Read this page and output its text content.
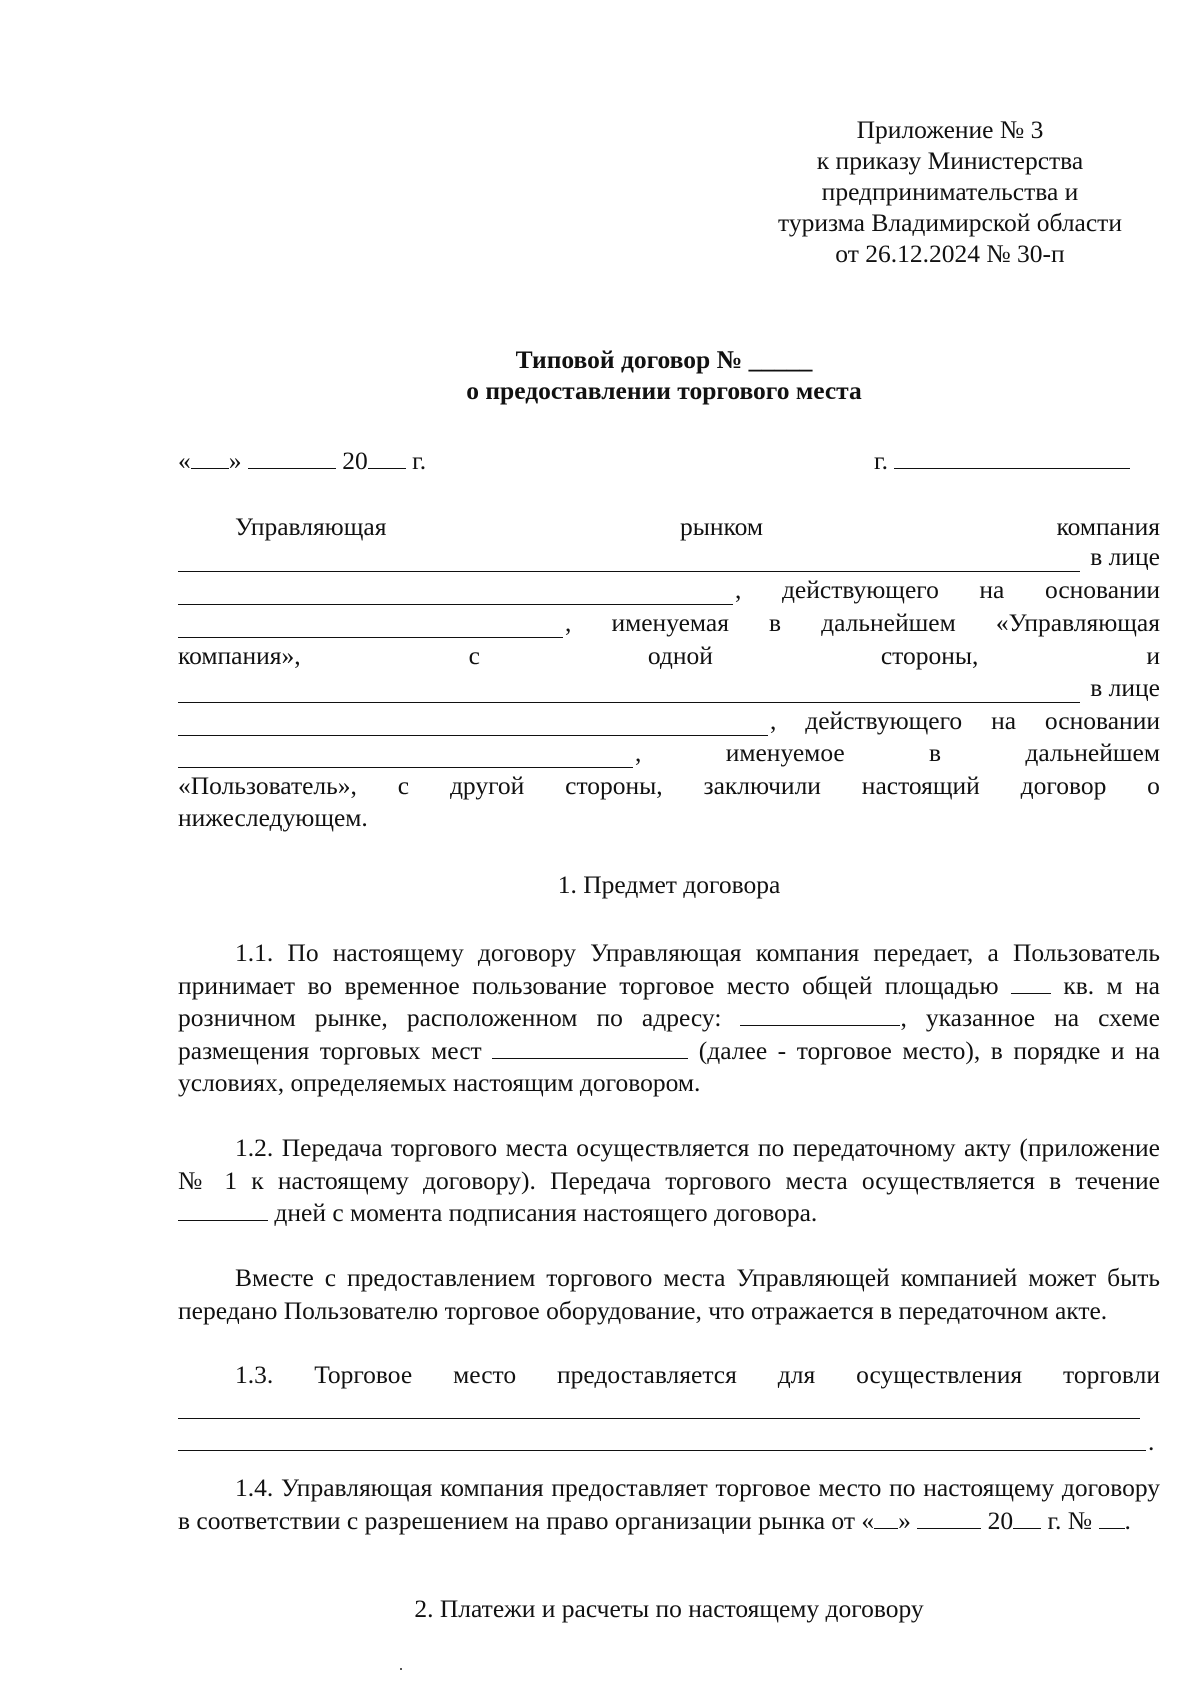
Приложение № 3
к приказу Министерства
предпринимательства и
туризма Владимирской области
от 26.12.2024 № 30-п
Типовой договор № _____
о предоставлении торгового места
« »	20 г.	г.
Управляющая	рынком	компания
в лице
, действующего на основании
, именуемая в дальнейшем «Управляющая
компания»,	с	одной	стороны,	и
в лице
, действующего на основании
,	именуемое	в	дальнейшем
«Пользователь», с другой стороны, заключили настоящий договор о
нижеследующем.
1. Предмет договора
1.1. По настоящему договору Управляющая компания передает, а Пользователь принимает во временное пользование торговое место общей площадью	кв. м на розничном рынке, расположенном по адресу:	, указанное на схеме размещения торговых мест	(далее - торговое место), в порядке и на условиях, определяемых настоящим договором.
1.2. Передача торгового места осуществляется по передаточному акту (приложение № 1 к настоящему договору). Передача торгового места осуществляется в течение  дней с момента подписания настоящего договора.
Вместе с предоставлением торгового места Управляющей компанией может быть передано Пользователю торговое оборудование, что отражается в передаточном акте.
1.3. Торговое место предоставляется для осуществления торговли
.
1.4. Управляющая компания предоставляет торговое место по настоящему договору в соответствии с разрешением на право организации рынка от « »	20 г. № .
2. Платежи и расчеты по настоящему договору
